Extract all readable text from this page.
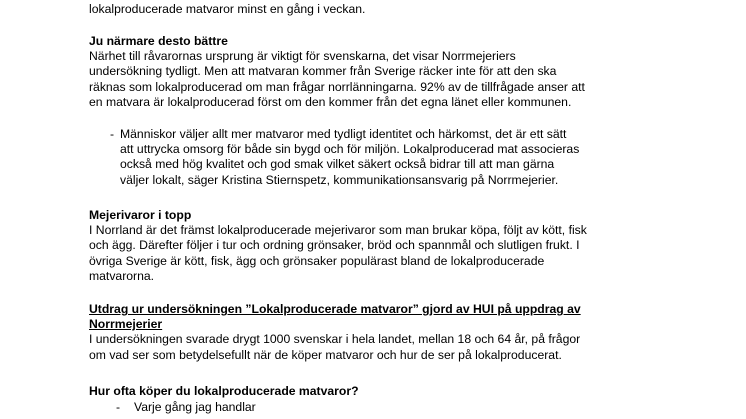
lokalproducerade matvaror minst en gång i veckan.
Ju närmare desto bättre
Närhet till råvarornas ursprung är viktigt för svenskarna, det visar Norrmejeriers
undersökning tydligt. Men att matvaran kommer från Sverige räcker inte för att den ska
räknas som lokalproducerad om man frågar norrlänningarna. 92% av de tillfrågade anser att
en matvara är lokalproducerad först om den kommer från det egna länet eller kommunen.
- Människor väljer allt mer matvaror med tydligt identitet och härkomst, det är ett sätt
att uttrycka omsorg för både sin bygd och för miljön. Lokalproducerad mat associeras
också med hög kvalitet och god smak vilket säkert också bidrar till att man gärna
väljer lokalt, säger Kristina Stiernspetz, kommunikationsansvarig på Norrmejerier.
Mejerivaror i topp
I Norrland är det främst lokalproducerade mejerivaror som man brukar köpa, följt av kött, fisk
och ägg. Därefter följer i tur och ordning grönsaker, bröd och spannmål och slutligen frukt. I
övriga Sverige är kött, fisk, ägg och grönsaker populärast bland de lokalproducerade
matvarorna.
Utdrag ur undersökningen ”Lokalproducerade matvaror” gjord av HUI på uppdrag av
Norrmejerier
I undersökningen svarade drygt 1000 svenskar i hela landet, mellan 18 och 64 år, på frågor
om vad ser som betydelsefullt när de köper matvaror och hur de ser på lokalproducerat.
Hur ofta köper du lokalproducerade matvaror?
- Varje gång jag handlar
